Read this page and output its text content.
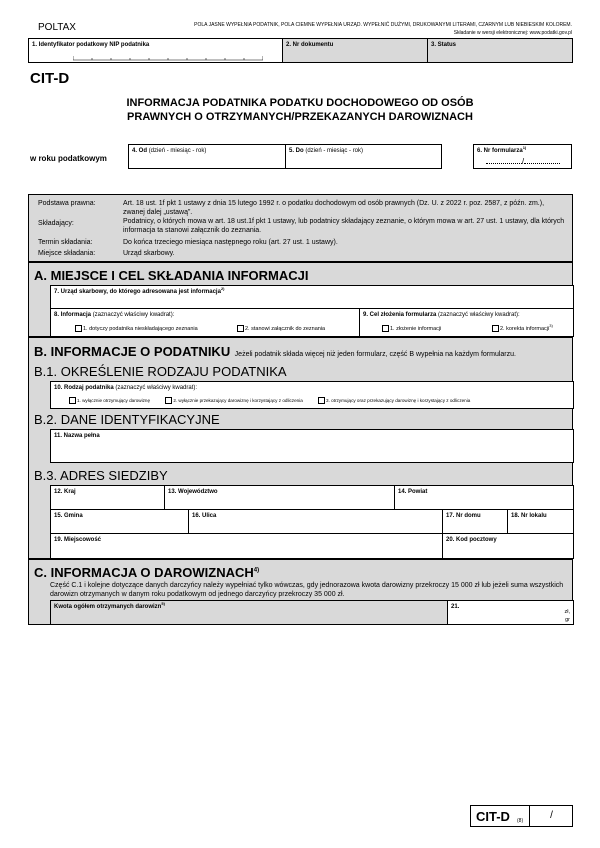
POLTAX	POLA JASNE WYPEŁNIA PODATNIK, POLA CIEMNE WYPEŁNIA URZĄD. WYPEŁNIĆ DUŻYMI, DRUKOWANYMI LITERAMI, CZARNYM LUB NIEBIESKIM KOLOREM.
Składanie w wersji elektronicznej: www.podatki.gov.pl
1. Identyfikator podatkowy NIP podatnika	2. Nr dokumentu	3. Status
CIT-D
INFORMACJA PODATNIKA PODATKU DOCHODOWEGO OD OSÓB
PRAWNYCH O OTRZYMANYCH/PRZEKAZANYCH DAROWIZNACH
w roku podatkowym
4. Od (dzień - miesiąc - rok)	5. Do (dzień - miesiąc - rok)	6. Nr formularza$^{1)}$
/
Podstawa prawna:	Art. 18 ust. 1f pkt 1 ustawy z dnia 15 lutego 1992 r. o podatku dochodowym od osób prawnych (Dz. U. z 2022 r. poz. 2587, z późn. zm.), zwanej dalej „ustawą”.
Składający:	Podatnicy, o których mowa w art. 18 ust.1f pkt 1 ustawy, lub podatnicy składający zeznanie, o którym mowa w art. 27 ust. 1 ustawy, dla których informacja ta stanowi załącznik do zeznania.
Termin składania:	Do końca trzeciego miesiąca następnego roku (art. 27 ust. 1 ustawy).
Miejsce składania:	Urząd skarbowy.
A. MIEJSCE I CEL SKŁADANIA INFORMACJI
7. Urząd skarbowy, do którego adresowana jest informacja$^{2)}$
8. Informacja (zaznaczyć właściwy kwadrat):
1. dotyczy podatnika nieskładającego zeznania	2. stanowi załącznik do zeznania
9. Cel złożenia formularza (zaznaczyć właściwy kwadrat):
1. złożenie informacji	2. korekta informacji$^{3)}$
B. INFORMACJE O PODATNIKU Jeżeli podatnik składa więcej niż jeden formularz, część B wypełnia na każdym formularzu.
B.1. OKREŚLENIE RODZAJU PODATNIKA
10. Rodzaj podatnika (zaznaczyć właściwy kwadrat):
1. wyłącznie otrzymujący darowiznę	2. wyłącznie przekazujący darowiznę i korzystający z odliczenia	3. otrzymujący oraz przekazujący darowiznę i korzystający z odliczenia
B.2. DANE IDENTYFIKACYJNE
11. Nazwa pełna
B.3. ADRES SIEDZIBY
12. Kraj	13. Województwo	14. Powiat
15. Gmina	16. Ulica	17. Nr domu	18. Nr lokalu
19. Miejscowość	20. Kod pocztowy
C. INFORMACJA O DAROWIZNACH$^{4)}$
Część C.1 i kolejne dotyczące danych darczyńcy należy wypełniać tylko wówczas, gdy jednorazowa kwota darowizny przekroczy 15 000 zł lub jeżeli suma wszystkich darowizn otrzymanych w danym roku podatkowym od jednego darczyńcy przekroczy 35 000 zł.
Kwota ogółem otrzymanych darowizn$^{5)}$
21.
zł,
gr
CIT-D (8)	/
